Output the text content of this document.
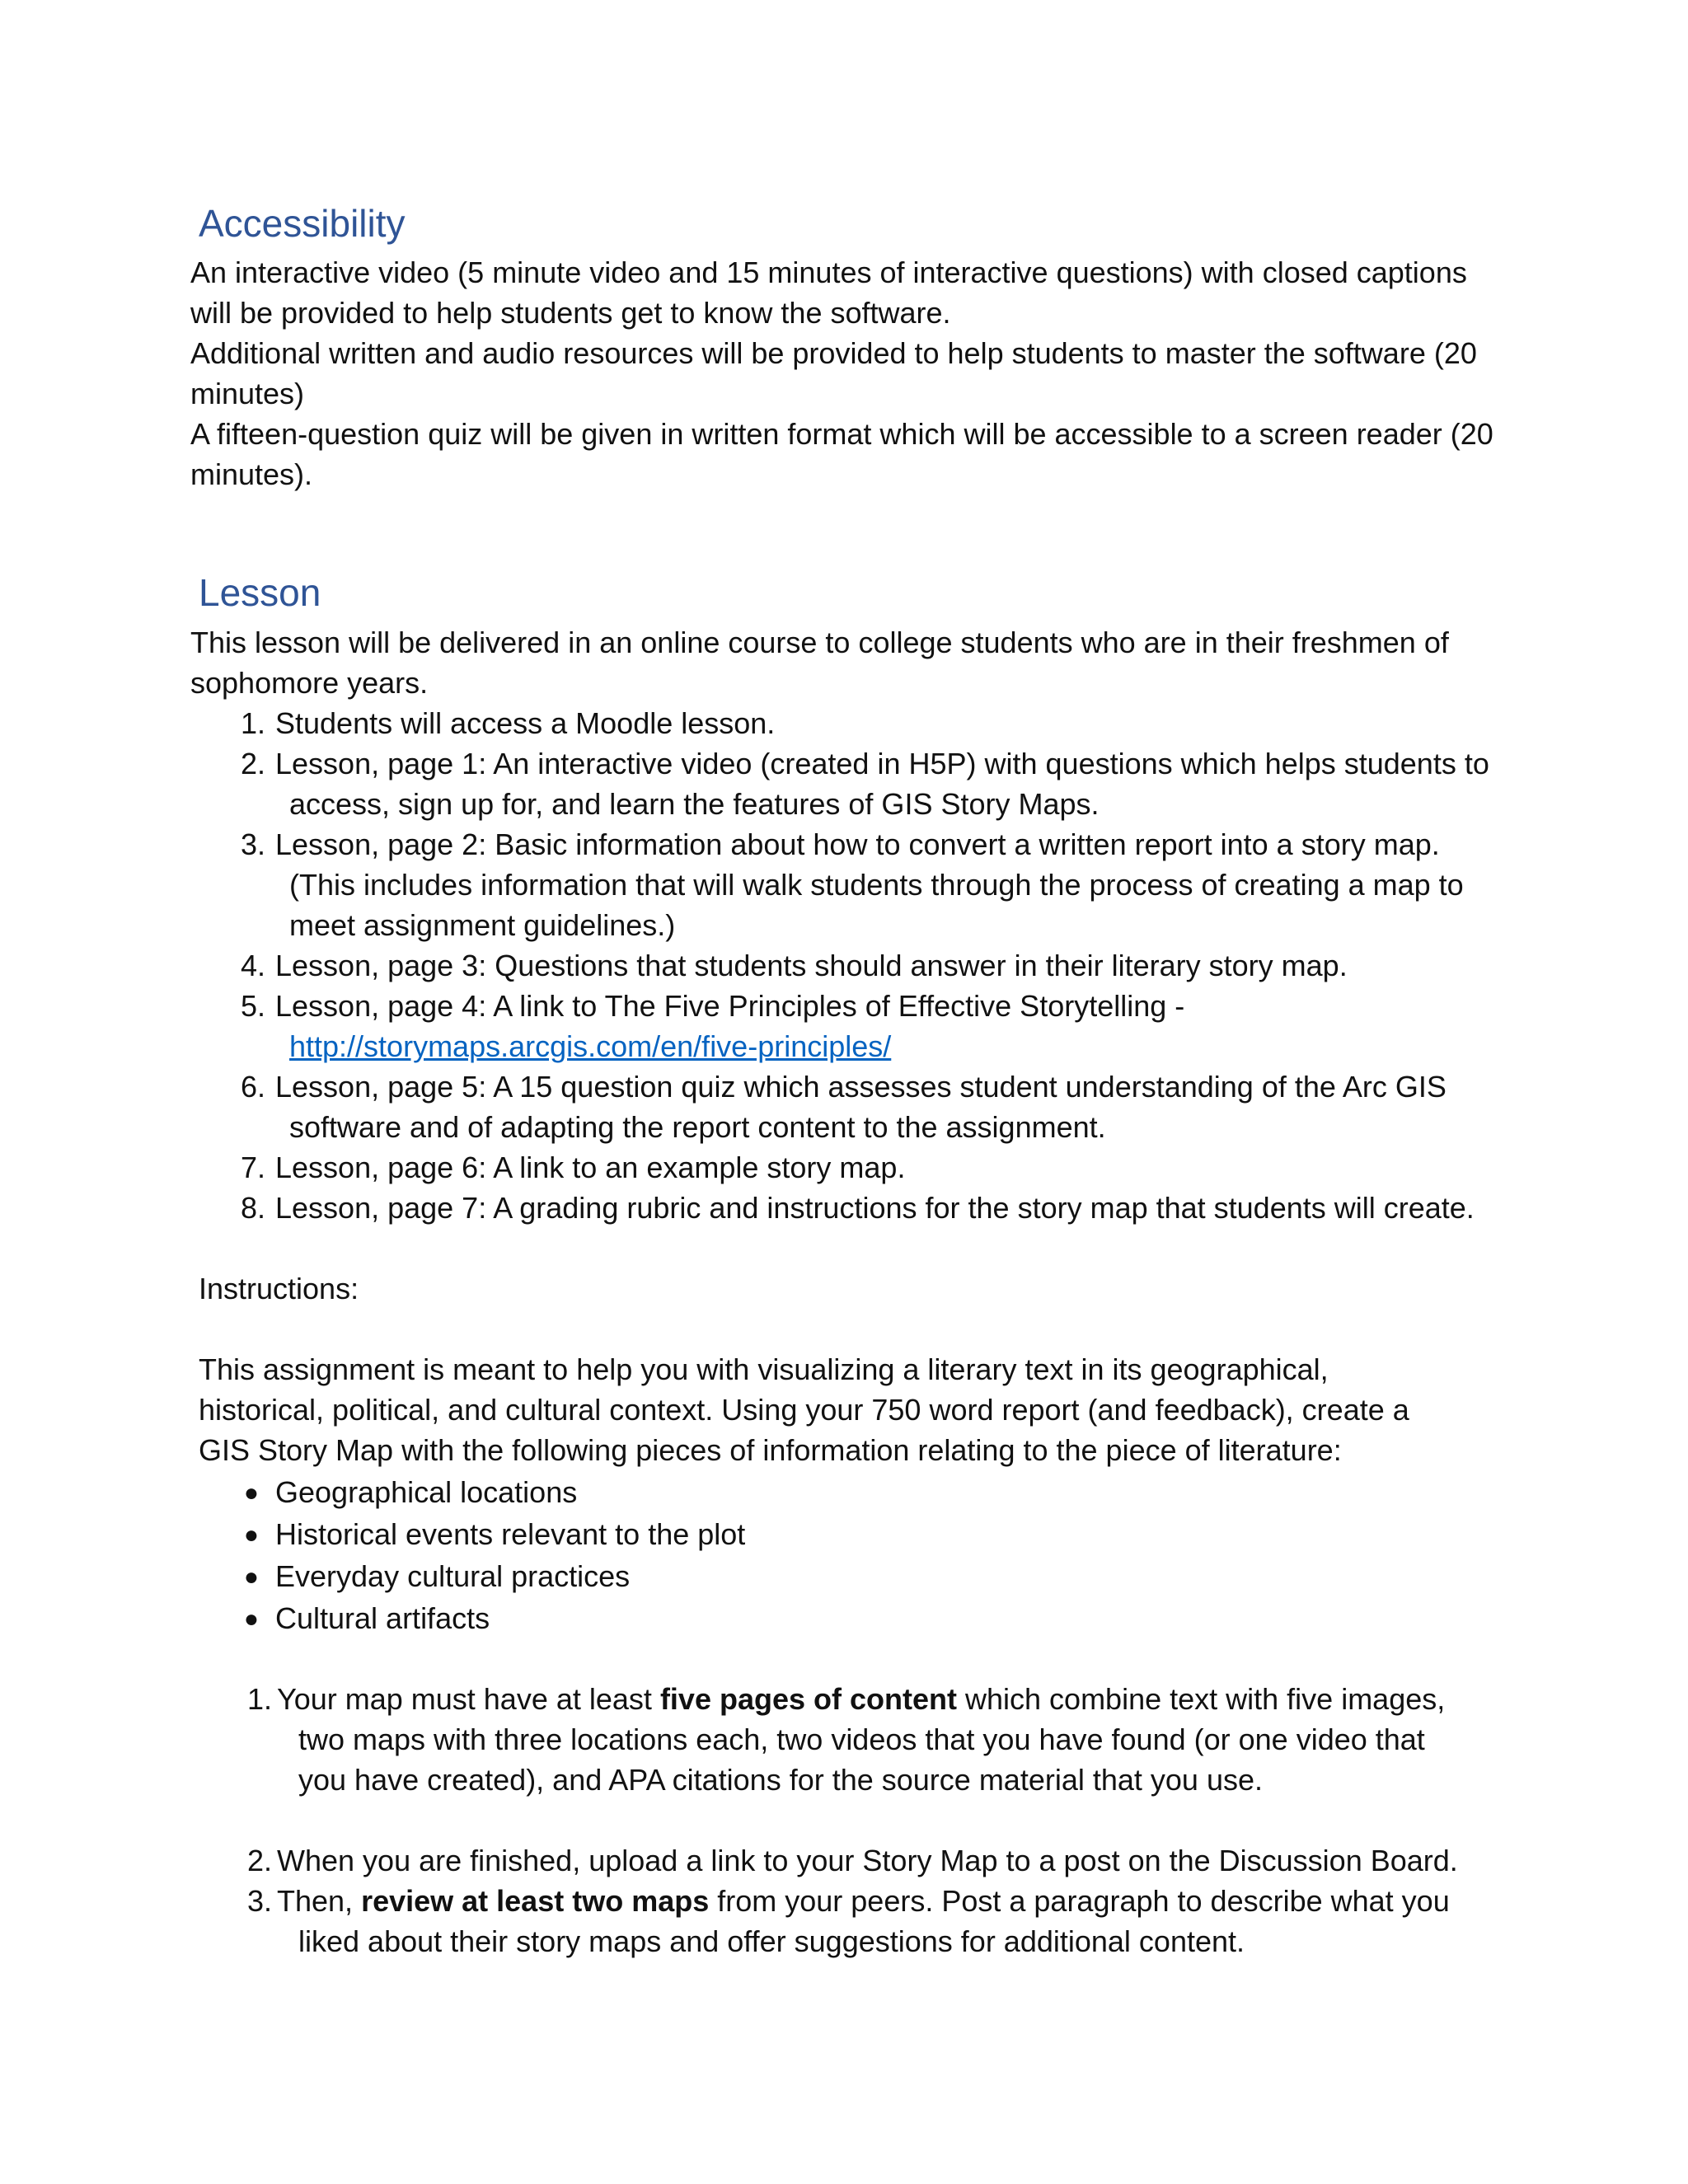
Accessibility

An interactive video (5 minute video and 15 minutes of interactive questions) with closed captions

will be provided to help students get to know the software.

Additional written and audio resources will be provided to help students to master the software (20

minutes)

A fifteen-question quiz will be given in written format which will be accessible to a screen reader (20

minutes).

Lesson

This lesson will be delivered in an online course to college students who are in their freshmen of

sophomore years.

1. Students will access a Moodle lesson.

2. Lesson, page 1: An interactive video (created in H5P) with questions which helps students to

access, sign up for, and learn the features of GIS Story Maps.

3. Lesson, page 2: Basic information about how to convert a written report into a story map.

(This includes information that will walk students through the process of creating a map to

meet assignment guidelines.)

4. Lesson, page 3: Questions that students should answer in their literary story map.

5. Lesson, page 4: A link to The Five Principles of Effective Storytelling -

http://storymaps.arcgis.com/en/five-principles/

6. Lesson, page 5: A 15 question quiz which assesses student understanding of the Arc GIS

software and of adapting the report content to the assignment.

7. Lesson, page 6: A link to an example story map.

8. Lesson, page 7: A grading rubric and instructions for the story map that students will create.

Instructions:

This assignment is meant to help you with visualizing a literary text in its geographical,

historical, political, and cultural context. Using your 750 word report (and feedback), create a

GIS Story Map with the following pieces of information relating to the piece of literature:

● Geographical locations

● Historical events relevant to the plot

● Everyday cultural practices

● Cultural artifacts

1. Your map must have at least five pages of content which combine text with five images,

two maps with three locations each, two videos that you have found (or one video that

you have created), and APA citations for the source material that you use.

2. When you are finished, upload a link to your Story Map to a post on the Discussion Board.

3. Then, review at least two maps from your peers. Post a paragraph to describe what you

liked about their story maps and offer suggestions for additional content.
